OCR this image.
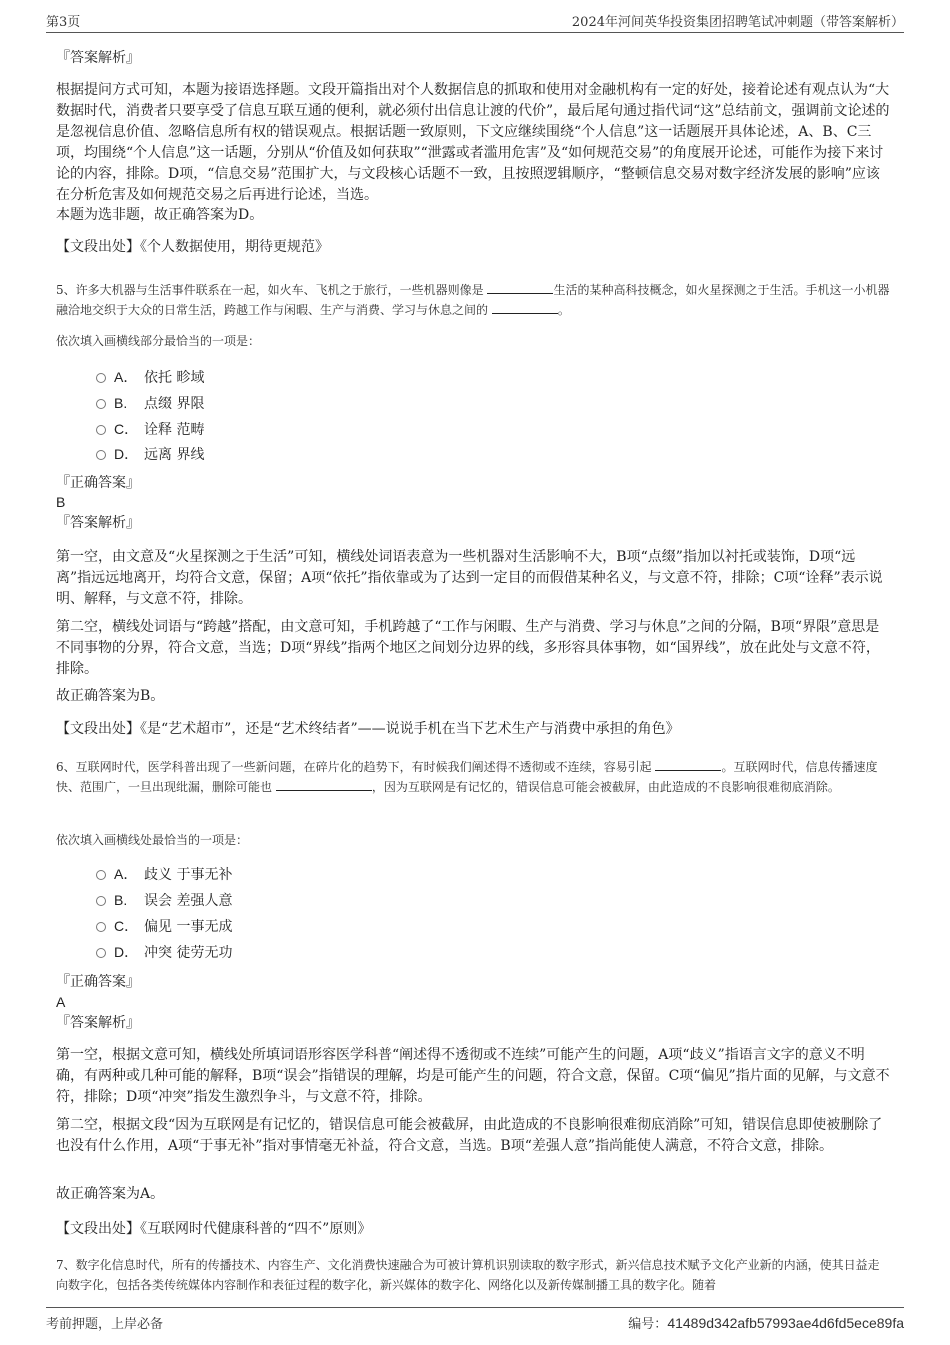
第3页	2024年河间英华投资集团招聘笔试冲刺题（带答案解析）
『答案解析』

根据提问方式可知，本题为接语选择题。文段开篇指出对个人数据信息的抓取和使用对金融机构有一定的好处，接着论述有观点认为“大数据时代，消费者只要享受了信息互联互通的便利，就必须付出信息让渡的代价”，最后尾句通过指代词“这”总结前文，强调前文论述的是忽视信息价值、忽略信息所有权的错误观点。根据话题一致原则，下文应继续围绕“个人信息”这一话题展开具体论述，A、B、C三项，均围绕“个人信息”这一话题，分别从“价值及如何获取”“泄露或者滥用危害”及“如何规范交易”的角度展开论述，可能作为接下来讨论的内容，排除。D项，“信息交易”范围扩大，与文段核心话题不一致，且按照逻辑顺序，“整顿信息交易对数字经济发展的影响”应该在分析危害及如何规范交易之后再进行论述，当选。

本题为选非题，故正确答案为D。

【文段出处】《个人数据使用，期待更规范》

5、许多大机器与生活事件联系在一起，如火车、飞机之于旅行，一些机器则像是	生活的某种高科技概念，如火星探测之于生活。手机这一小机器融洽地交织于大众的日常生活，跨越工作与闲暇、生产与消费、学习与休息之间的	。

依次填入画横线部分最恰当的一项是：
A． 依托 畛域
B. 点缀 界限
C． 诠释 范畴
D． 远离 界线
『正确答案』
B
『答案解析』

第一空，由文意及“火星探测之于生活”可知，横线处词语表意为一些机器对生活影响不大，B项“点缀”指加以衬托或装饰，D项“远离”指远远地离开，均符合文意，保留；A项“依托”指依靠或为了达到一定目的而假借某种名义，与文意不符，排除；C项“诠释”表示说明、解释，与文意不符，排除。

第二空，横线处词语与“跨越”搭配，由文意可知，手机跨越了“工作与闲暇、生产与消费、学习与休息”之间的分隔，B项“界限”意思是不同事物的分界，符合文意，当选；D项“界线”指两个地区之间划分边界的线，多形容具体事物，如“国界线”，放在此处与文意不符，排除。

故正确答案为B。

【文段出处】《是“艺术超市”，还是“艺术终结者”——说说手机在当下艺术生产与消费中承担的角色》

6、互联网时代，医学科普出现了一些新问题，在碎片化的趋势下，有时候我们阐述得不透彻或不连续，容易引起	。互联网时代，信息传播速度快、范围广，一旦出现纰漏，删除可能也	，因为互联网是有记忆的，错误信息可能会被截屏，由此造成的不良影响很难彻底消除。

依次填入画横线处最恰当的一项是：
A． 歧义 于事无补
B. 误会 差强人意
C． 偏见 一事无成
D． 冲突 徒劳无功
『正确答案』
A
『答案解析』

第一空，根据文意可知，横线处所填词语形容医学科普“阐述得不透彻或不连续”可能产生的问题，A项“歧义”指语言文字的意义不明确，有两种或几种可能的解释，B项“误会”指错误的理解，均是可能产生的问题，符合文意，保留。C项“偏见”指片面的见解，与文意不符，排除；D项“冲突”指发生激烈争斗，与文意不符，排除。

第二空，根据文段“因为互联网是有记忆的，错误信息可能会被截屏，由此造成的不良影响很难彻底消除”可知，错误信息即使被删除了也没有什么作用，A项“于事无补”指对事情毫无补益，符合文意，当选。B项“差强人意”指尚能使人满意，不符合文意，排除。

故正确答案为A。

【文段出处】《互联网时代健康科普的“四不”原则》

7、数字化信息时代，所有的传播技术、内容生产、文化消费快速融合为可被计算机识别读取的数字形式，新兴信息技术赋予文化产业新的内涵，使其日益走向数字化，包括各类传统媒体内容制作和表征过程的数字化，新兴媒体的数字化、网络化以及新传媒制播工具的数字化。随着

考前押题，上岸必备	编号：41489d342afb57993ae4d6fd5ece89fa
